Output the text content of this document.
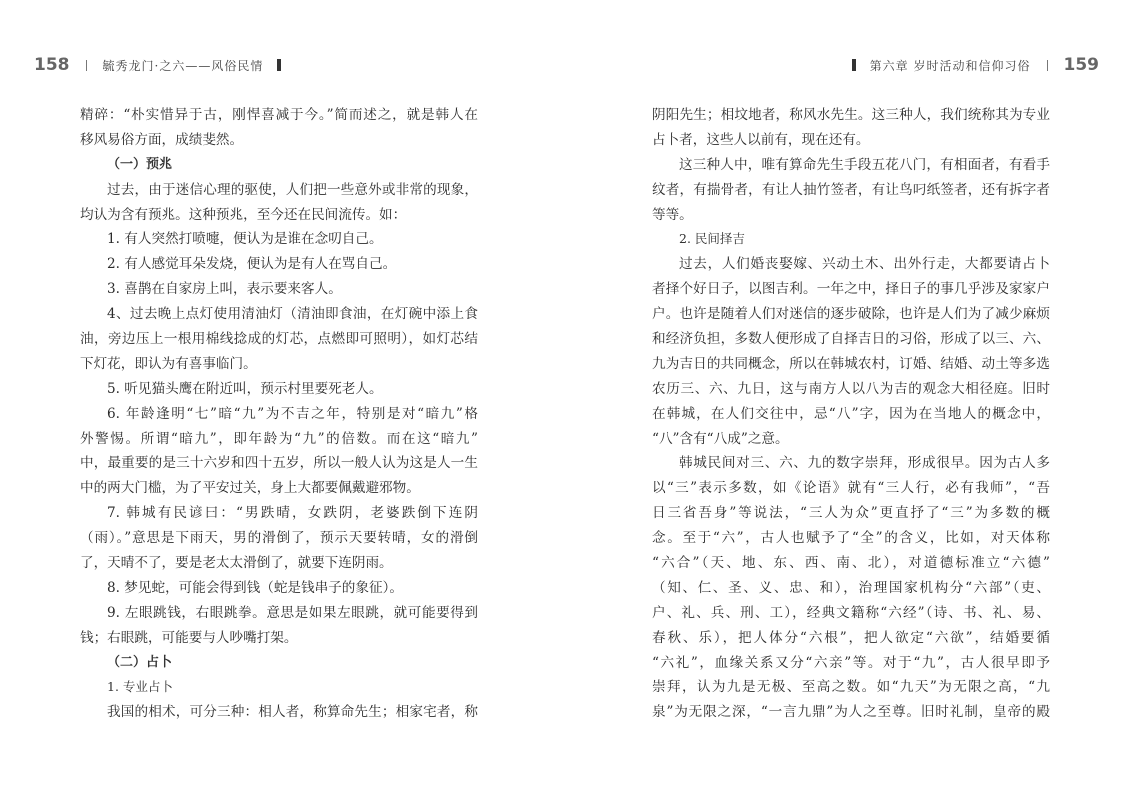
158	毓秀龙门·之六——风俗民情
精碎：“朴实惜异于古，刚悍喜减于今。”简而述之，就是韩人在
移风易俗方面，成绩斐然。
（一）预兆
过去，由于迷信心理的驱使，人们把一些意外或非常的现象，
均认为含有预兆。这种预兆，至今还在民间流传。如：
1. 有人突然打喷嚏，便认为是谁在念叨自己。
2. 有人感觉耳朵发烧，便认为是有人在骂自己。
3. 喜鹊在自家房上叫，表示要来客人。
4、过去晚上点灯使用清油灯（清油即食油，在灯碗中添上食
油，旁边压上一根用棉线捻成的灯芯，点燃即可照明），如灯芯结
下灯花，即认为有喜事临门。
5. 听见猫头鹰在附近叫，预示村里要死老人。
6. 年龄逢明“七”暗“九”为不吉之年，特别是对“暗九”格
外警惕。所谓“暗九”，即年龄为“九”的倍数。而在这“暗九”
中，最重要的是三十六岁和四十五岁，所以一般人认为这是人一生
中的两大门槛，为了平安过关，身上大都要佩戴避邪物。
7. 韩城有民谚曰：“男跌晴，女跌阴，老婆跌倒下连阴
（雨）。”意思是下雨天，男的滑倒了，预示天要转晴，女的滑倒
了，天晴不了，要是老太太滑倒了，就要下连阴雨。
8. 梦见蛇，可能会得到钱（蛇是钱串子的象征）。
9. 左眼跳钱，右眼跳拳。意思是如果左眼跳，就可能要得到
钱；右眼跳，可能要与人吵嘴打架。
（二）占卜
1. 专业占卜
我国的相术，可分三种：相人者，称算命先生；相家宅者，称
第六章 岁时活动和信仰习俗 159
阴阳先生；相坟地者，称风水先生。这三种人，我们统称其为专业
占卜者，这些人以前有，现在还有。
这三种人中，唯有算命先生手段五花八门，有相面者，有看手
纹者，有揣骨者，有让人抽竹签者，有让鸟叼纸签者，还有拆字者
等等。
2. 民间择吉
过去，人们婚丧娶嫁、兴动土木、出外行走，大都要请占卜
者择个好日子，以图吉利。一年之中，择日子的事几乎涉及家家户
户。也许是随着人们对迷信的逐步破除，也许是人们为了减少麻烦
和经济负担，多数人便形成了自择吉日的习俗，形成了以三、六、
九为吉日的共同概念，所以在韩城农村，订婚、结婚、动土等多选
农历三、六、九日，这与南方人以八为吉的观念大相径庭。旧时
在韩城，在人们交往中，忌“八”字，因为在当地人的概念中，
“八”含有“八成”之意。
韩城民间对三、六、九的数字崇拜，形成很早。因为古人多
以“三”表示多数，如《论语》就有“三人行，必有我师”，“吾
日三省吾身”等说法，“三人为众”更直抒了“三”为多数的概
念。至于“六”，古人也赋予了“全”的含义，比如，对天体称
“六合”（天、地、东、西、南、北），对道德标准立“六德”
（知、仁、圣、义、忠、和），治理国家机构分“六部”（吏、
户、礼、兵、刑、工），经典文籍称“六经”（诗、书、礼、易、
春秋、乐），把人体分“六根”，把人欲定“六欲”，结婚要循
“六礼”，血缘关系又分“六亲”等。对于“九”，古人很早即予
崇拜，认为九是无极、至高之数。如“九天”为无限之高，“九
泉”为无限之深，“一言九鼎”为人之至尊。旧时礼制，皇帝的殿
